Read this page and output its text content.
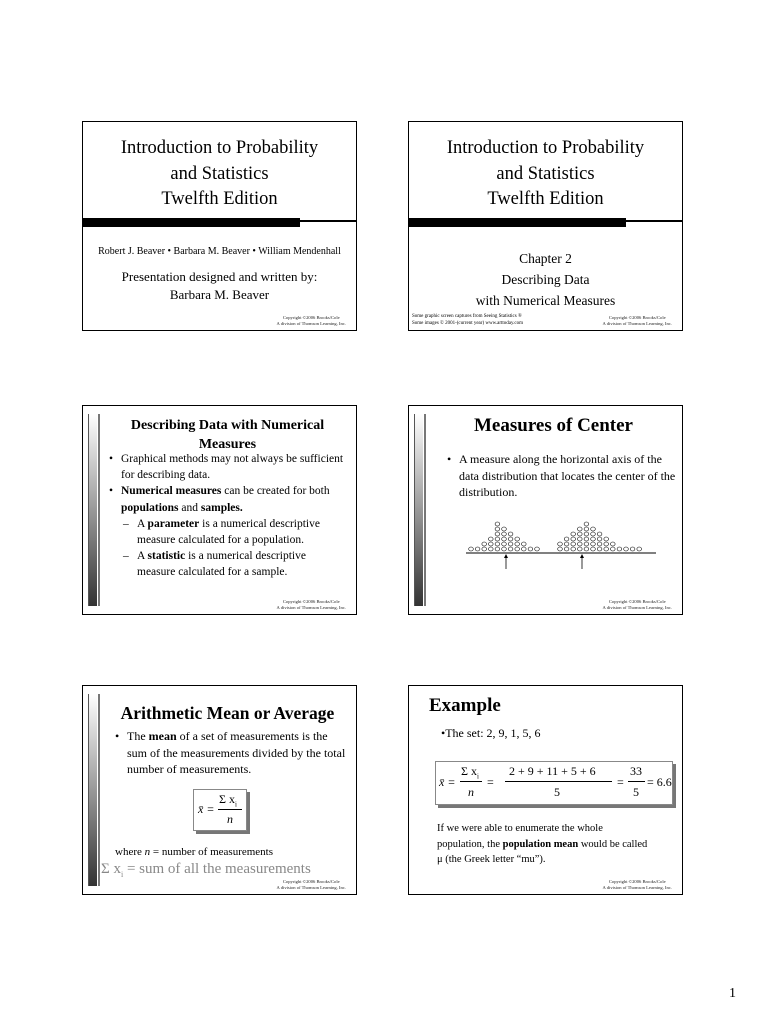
Introduction to Probability
and Statistics
Twelfth Edition
Robert J. Beaver • Barbara M. Beaver • William Mendenhall
Presentation designed and written by:
Barbara M. Beaver
Copyright ©2006 Brooks/Cole
A division of Thomson Learning, Inc.
Introduction to Probability
and Statistics
Twelfth Edition
Chapter 2
Describing Data
with Numerical Measures
Some graphic screen captures from Seeing Statistics ®
Some images © 2001-(current year) www.arttoday.com
Copyright ©2006 Brooks/Cole
A division of Thomson Learning, Inc.
Describing Data with Numerical Measures
• Graphical methods may not always be sufficient for describing data.
• Numerical measures can be created for both populations and samples.
– A parameter is a numerical descriptive measure calculated for a population.
– A statistic is a numerical descriptive measure calculated for a sample.
Copyright ©2006 Brooks/Cole
A division of Thomson Learning, Inc.
Measures of Center
• A measure along the horizontal axis of the data distribution that locates the center of the distribution.
Copyright ©2006 Brooks/Cole
A division of Thomson Learning, Inc.
Arithmetic Mean or Average
• The mean of a set of measurements is the sum of the measurements divided by the total number of measurements.
x̄ =
Σ $x_i$
n
where n = number of measurements
Σ $x_i$ = sum of all the measurements
Copyright ©2006 Brooks/Cole
A division of Thomson Learning, Inc.
Example
•The set: 2, 9, 1, 5, 6
x̄ =
Σ $x_i$
n
=
2 + 9 + 11 + 5 + 6
5
=
33
5
= 6.6
If we were able to enumerate the whole population, the population mean would be called μ (the Greek letter “mu”).
Copyright ©2006 Brooks/Cole
A division of Thomson Learning, Inc.
1
